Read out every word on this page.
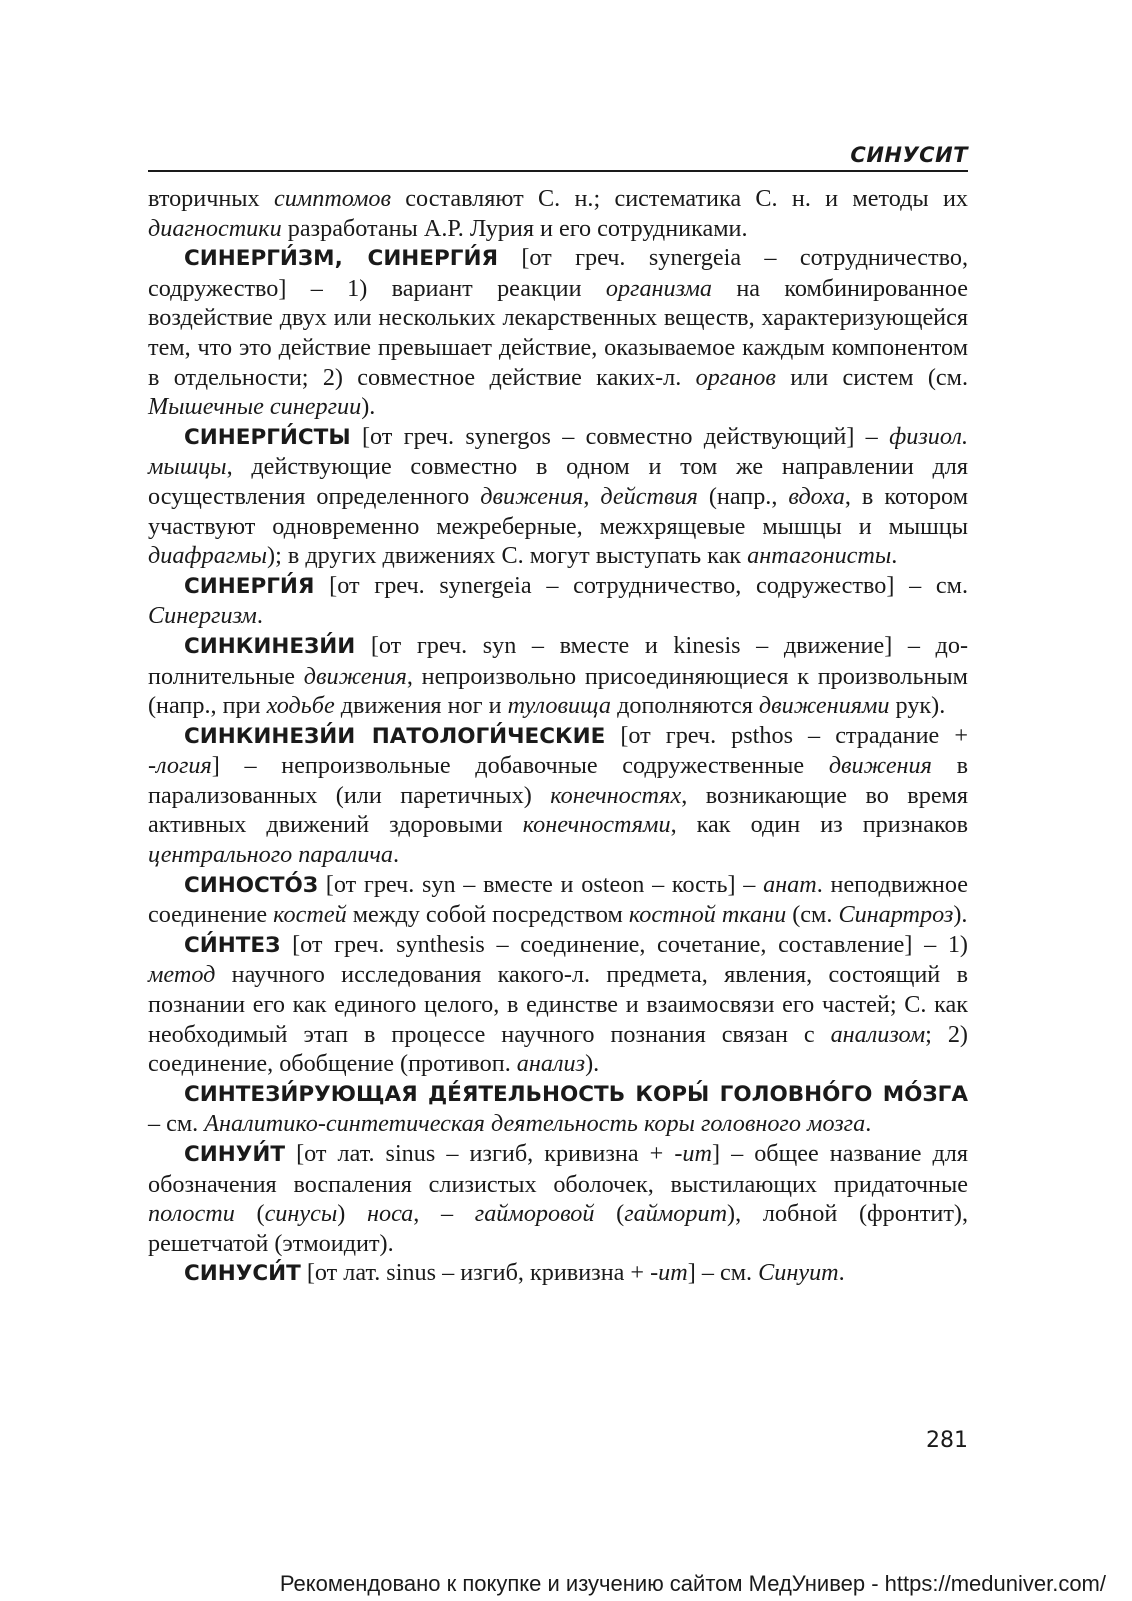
СИНУСИТ

вторичных симптомов составляют С. н.; систематика С. н. и методы их диагностики разработаны А.Р. Лурия и его сотрудниками.

СИНЕРГИ́ЗМ, СИНЕРГИ́Я [от греч. synergeia – сотрудничество, содружество] – 1) вариант реакции организма на комбинированное воздействие двух или нескольких лекарственных веществ, характеризующейся тем, что это действие превышает действие, оказываемое каждым компонентом в отдельности; 2) совместное действие каких-л. органов или систем (см. Мышечные синергии).

СИНЕРГИ́СТЫ [от греч. synergos – совместно действующий] – физиол. мышцы, действующие совместно в одном и том же направлении для осуществления определенного движения, действия (напр., вдоха, в котором участвуют одновременно межреберные, межхрящевые мышцы и мышцы диафрагмы); в других движениях С. могут выступать как антагонисты.

СИНЕРГИ́Я [от греч. synergeia – сотрудничество, содружество] – см. Синергизм.

СИНКИНЕЗИ́И [от греч. syn – вместе и kinesis – движение] – дополнительные движения, непроизвольно присоединяющиеся к произвольным (напр., при ходьбе движения ног и туловища дополняются движениями рук).

СИНКИНЕЗИ́И ПАТОЛОГИ́ЧЕСКИЕ [от греч. psthos – страдание + -логия] – непроизвольные добавочные содружественные движения в парализованных (или паретичных) конечностях, возникающие во время активных движений здоровыми конечностями, как один из признаков центрального паралича.

СИНОСТО́З [от греч. syn – вместе и osteon – кость] – анат. неподвижное соединение костей между собой посредством костной ткани (см. Синартроз).

СИ́НТЕЗ [от греч. synthesis – соединение, сочетание, составление] – 1) метод научного исследования какого-л. предмета, явления, состоящий в познании его как единого целого, в единстве и взаимосвязи его частей; С. как необходимый этап в процессе научного познания связан с анализом; 2) соединение, обобщение (противоп. анализ).

СИНТЕЗИ́РУЮЩАЯ ДЕ́ЯТЕЛЬНОСТЬ КОРЫ́ ГОЛОВНО́ГО МО́ЗГА – см. Аналитико-синтетическая деятельность коры головного мозга.

СИНУИ́Т [от лат. sinus – изгиб, кривизна + -ит] – общее название для обозначения воспаления слизистых оболочек, выстилающих придаточные полости (синусы) носа, – гайморовой (гайморит), лобной (фронтит), решетчатой (этмоидит).

СИНУСИ́Т [от лат. sinus – изгиб, кривизна + -ит] – см. Синуит.

281
Рекомендовано к покупке и изучению сайтом МедУнивер - https://meduniver.com/
